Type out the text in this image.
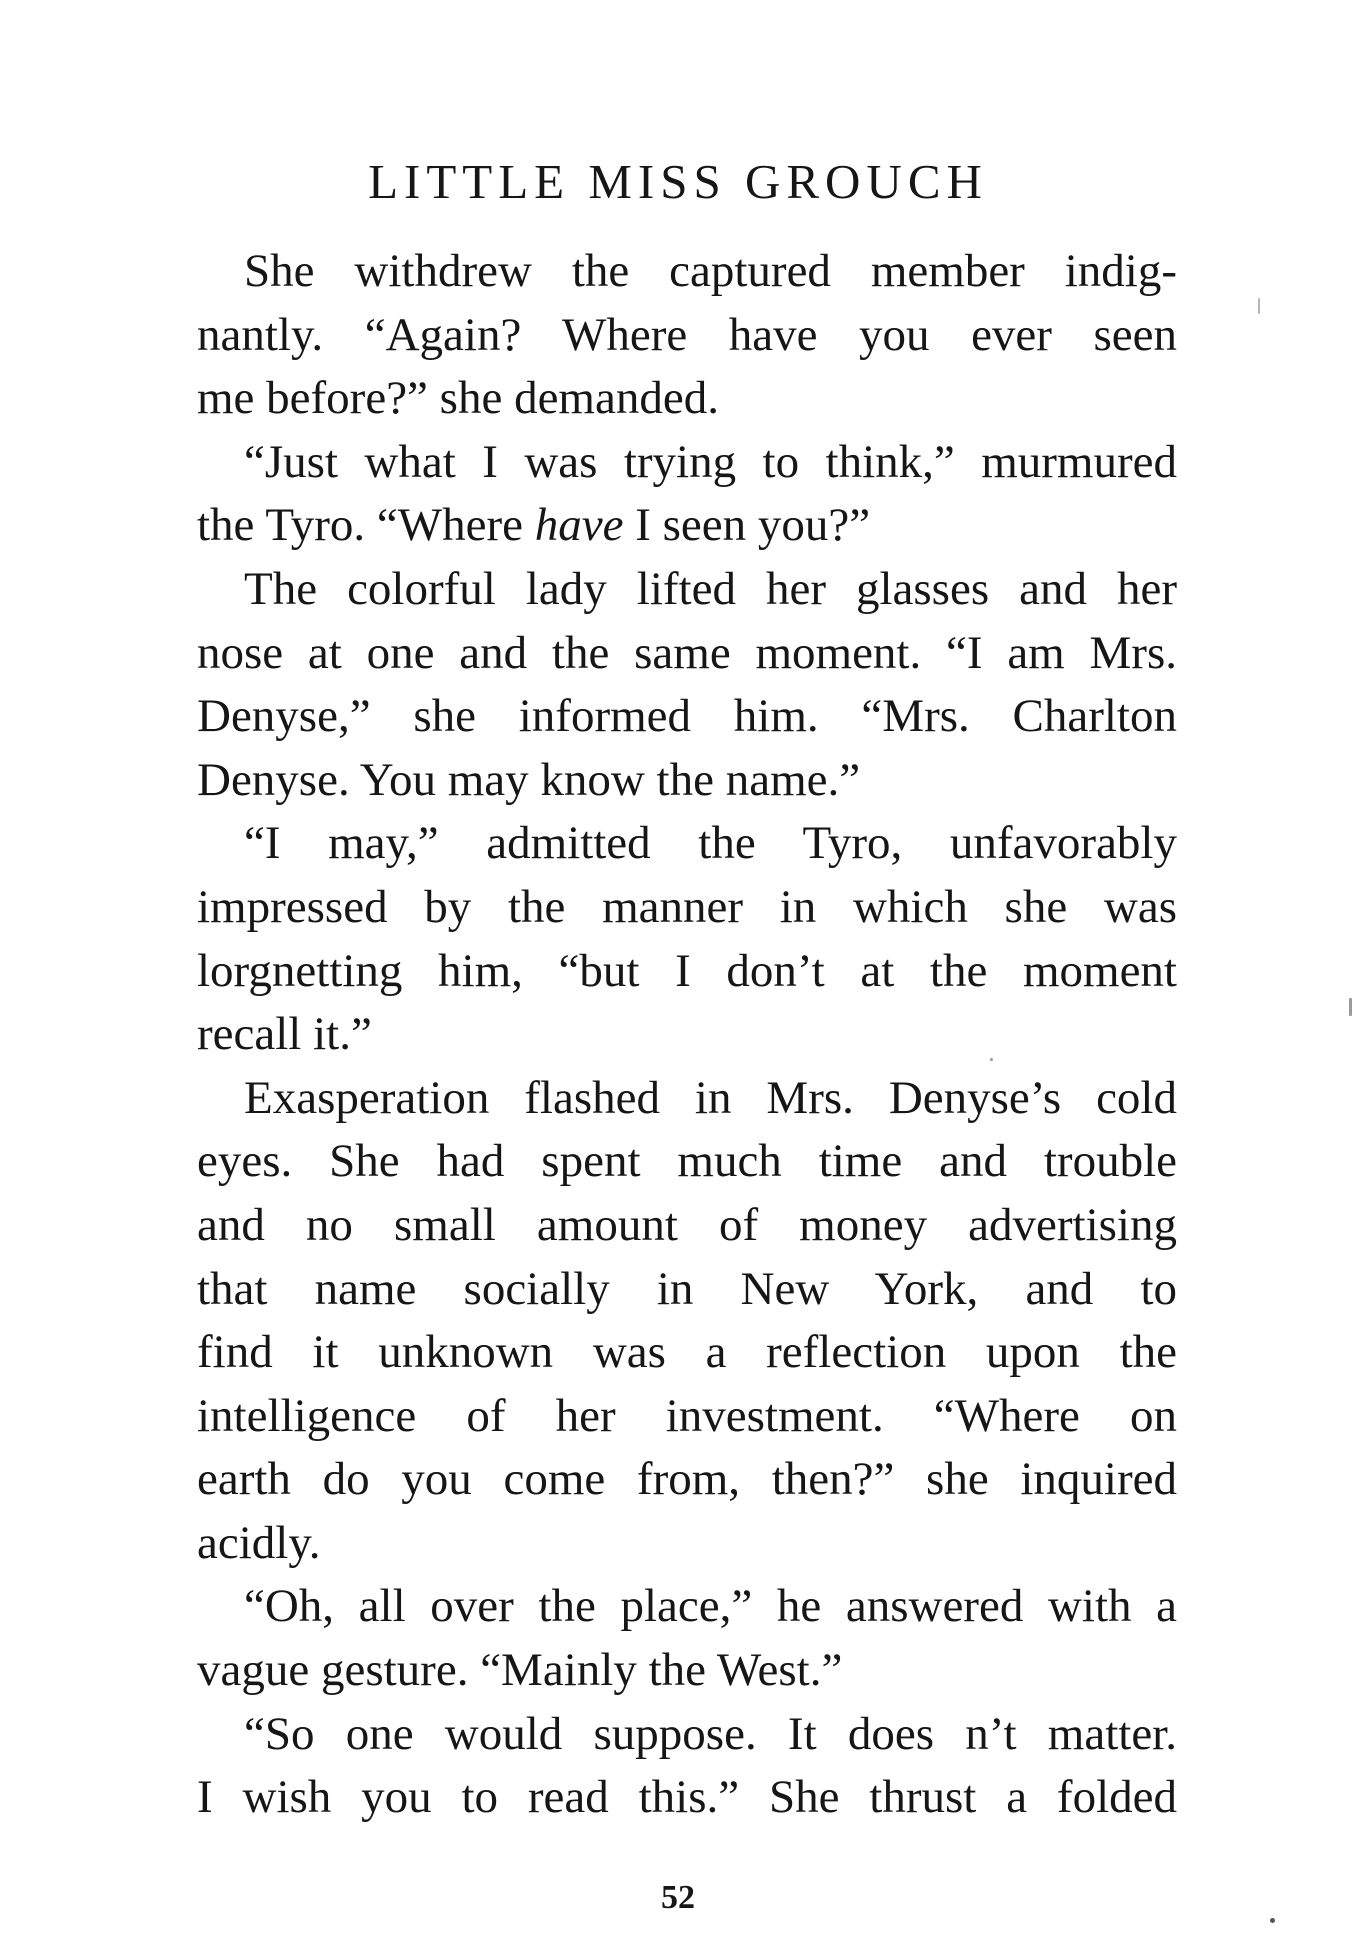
LITTLE MISS GROUCH
She withdrew the captured member indig-
nantly. “Again? Where have you ever seen
me before?” she demanded.
“Just what I was trying to think,” murmured
the Tyro. “Where have I seen you?”
The colorful lady lifted her glasses and her
nose at one and the same moment. “I am Mrs.
Denyse,” she informed him. “Mrs. Charlton
Denyse. You may know the name.”
“I may,” admitted the Tyro, unfavorably
impressed by the manner in which she was
lorgnetting him, “but I don’t at the moment
recall it.”
Exasperation flashed in Mrs. Denyse’s cold
eyes. She had spent much time and trouble
and no small amount of money advertising
that name socially in New York, and to
find it unknown was a reflection upon the
intelligence of her investment. “Where on
earth do you come from, then?” she inquired
acidly.
“Oh, all over the place,” he answered with a
vague gesture. “Mainly the West.”
“So one would suppose. It does n’t matter.
I wish you to read this.” She thrust a folded
52
